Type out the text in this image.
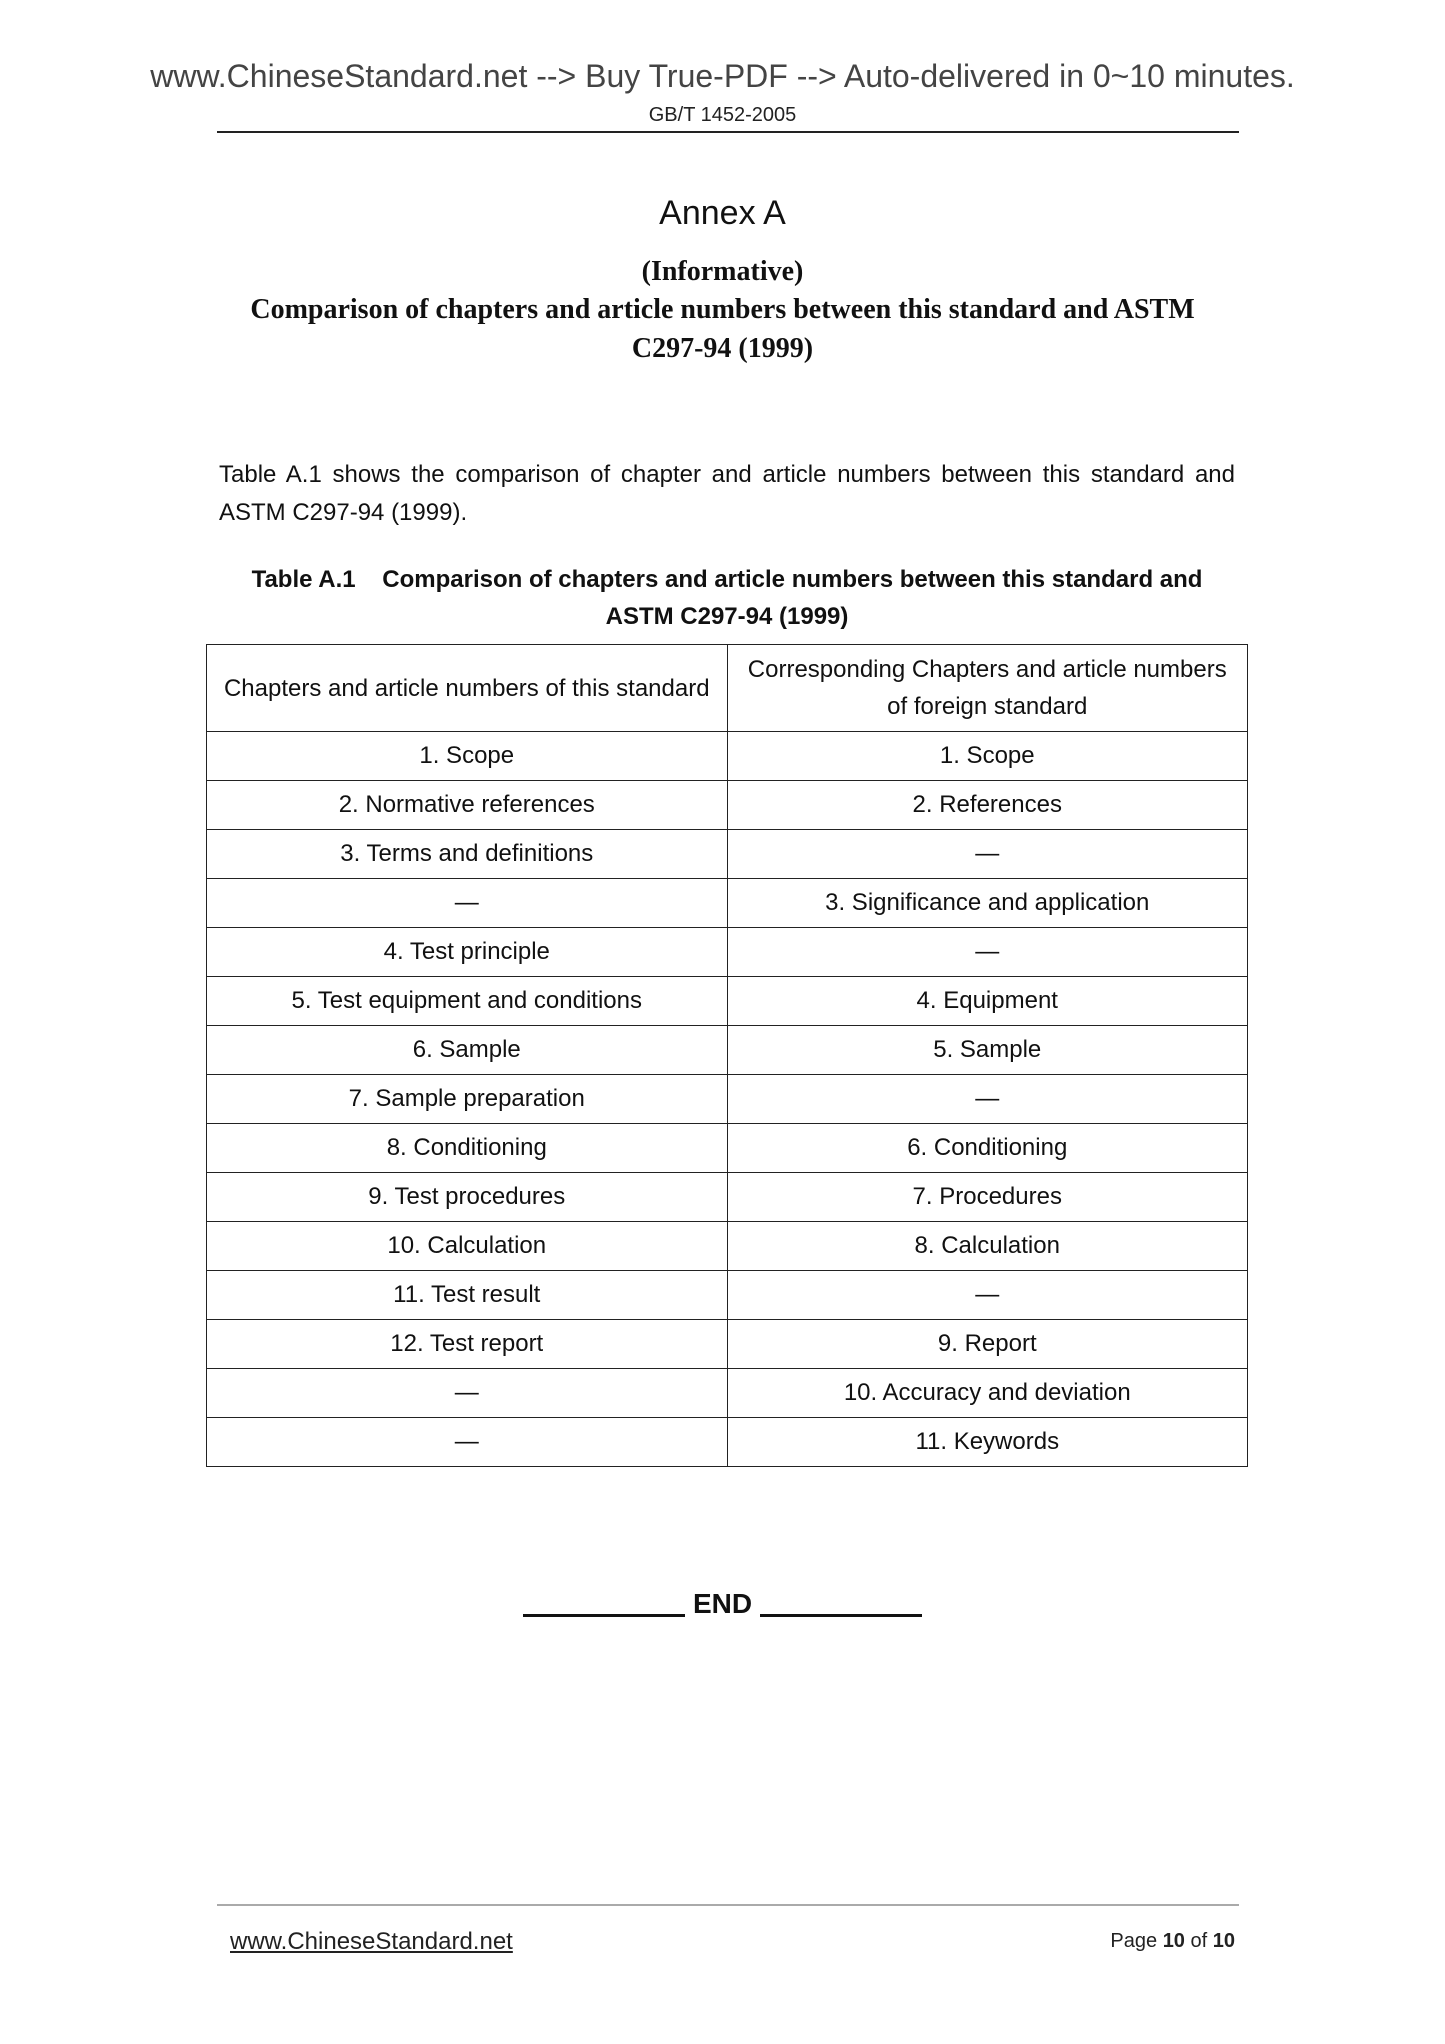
www.ChineseStandard.net --> Buy True-PDF --> Auto-delivered in 0~10 minutes.
GB/T 1452-2005
Annex A
(Informative)
Comparison of chapters and article numbers between this standard and ASTM
C297-94 (1999)
Table A.1 shows the comparison of chapter and article numbers between this standard and ASTM C297-94 (1999).
Table A.1    Comparison of chapters and article numbers between this standard and
ASTM C297-94 (1999)
Chapters and article numbers of this standard	Corresponding Chapters and article numbers of foreign standard
1. Scope	1. Scope
2. Normative references	2. References
3. Terms and definitions	—
—	3. Significance and application
4. Test principle	—
5. Test equipment and conditions	4. Equipment
6. Sample	5. Sample
7. Sample preparation	—
8. Conditioning	6. Conditioning
9. Test procedures	7. Procedures
10. Calculation	8. Calculation
11. Test result	—
12. Test report	9. Report
—	10. Accuracy and deviation
—	11. Keywords
END
www.ChineseStandard.net	Page 10 of 10
